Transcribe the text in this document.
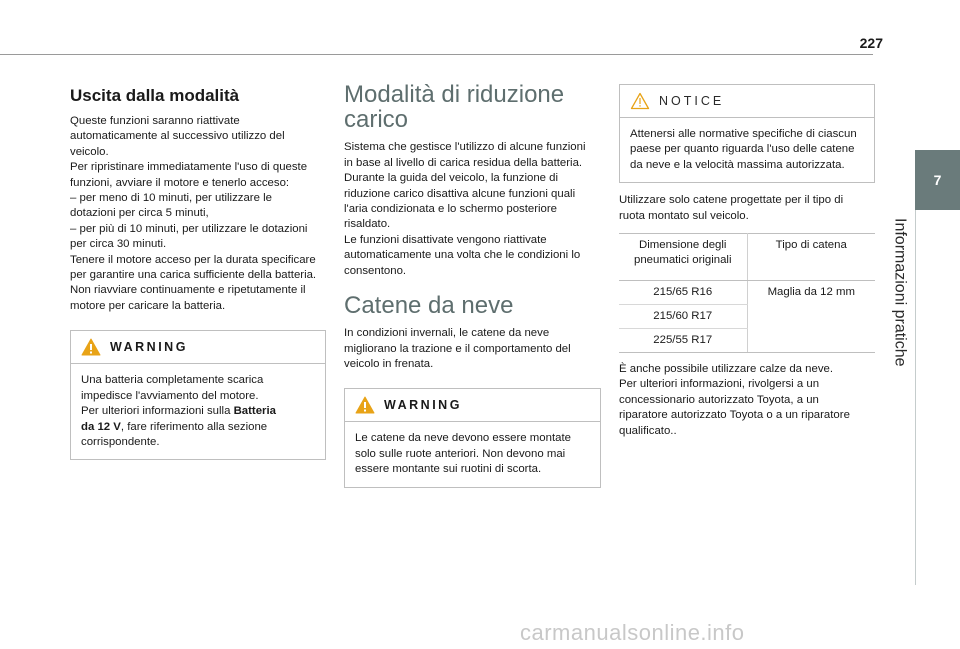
227
7
Informazioni pratiche
Uscita dalla modalità

Queste funzioni saranno riattivate
automaticamente al successivo utilizzo del
veicolo.
Per ripristinare immediatamente l'uso di queste
funzioni, avviare il motore e tenerlo acceso:
– per meno di 10 minuti, per utilizzare le
dotazioni per circa 5 minuti,
– per più di 10 minuti, per utilizzare le dotazioni
per circa 30 minuti.
Tenere il motore acceso per la durata specificare
per garantire una carica sufficiente della batteria.
Non riavviare continuamente e ripetutamente il
motore per caricare la batteria.

WARNING
Una batteria completamente scarica
impedisce l'avviamento del motore.
Per ulteriori informazioni sulla Batteria
da 12 V, fare riferimento alla sezione
corrispondente.
Modalità di riduzione
carico

Sistema che gestisce l'utilizzo di alcune funzioni
in base al livello di carica residua della batteria.
Durante la guida del veicolo, la funzione di
riduzione carico disattiva alcune funzioni quali
l'aria condizionata e lo schermo posteriore
risaldato.
Le funzioni disattivate vengono riattivate
automaticamente una volta che le condizioni lo
consentono.

Catene da neve

In condizioni invernali, le catene da neve
migliorano la trazione e il comportamento del
veicolo in frenata.

WARNING
Le catene da neve devono essere montate
solo sulle ruote anteriori. Non devono mai
essere montante sui ruotini di scorta.
NOTICE
Attenersi alle normative specifiche di ciascun
paese per quanto riguarda l'uso delle catene
da neve e la velocità massima autorizzata.

Utilizzare solo catene progettate per il tipo di
ruota montato sul veicolo.

Dimensione degli
pneumatici originali	Tipo di catena
215/65 R16	Maglia da 12 mm
215/60 R17	
225/55 R17	

È anche possibile utilizzare calze da neve.
Per ulteriori informazioni, rivolgersi a un
concessionario autorizzato Toyota, a un
riparatore autorizzato Toyota o a un riparatore
qualificato..

carmanualsonline.info
